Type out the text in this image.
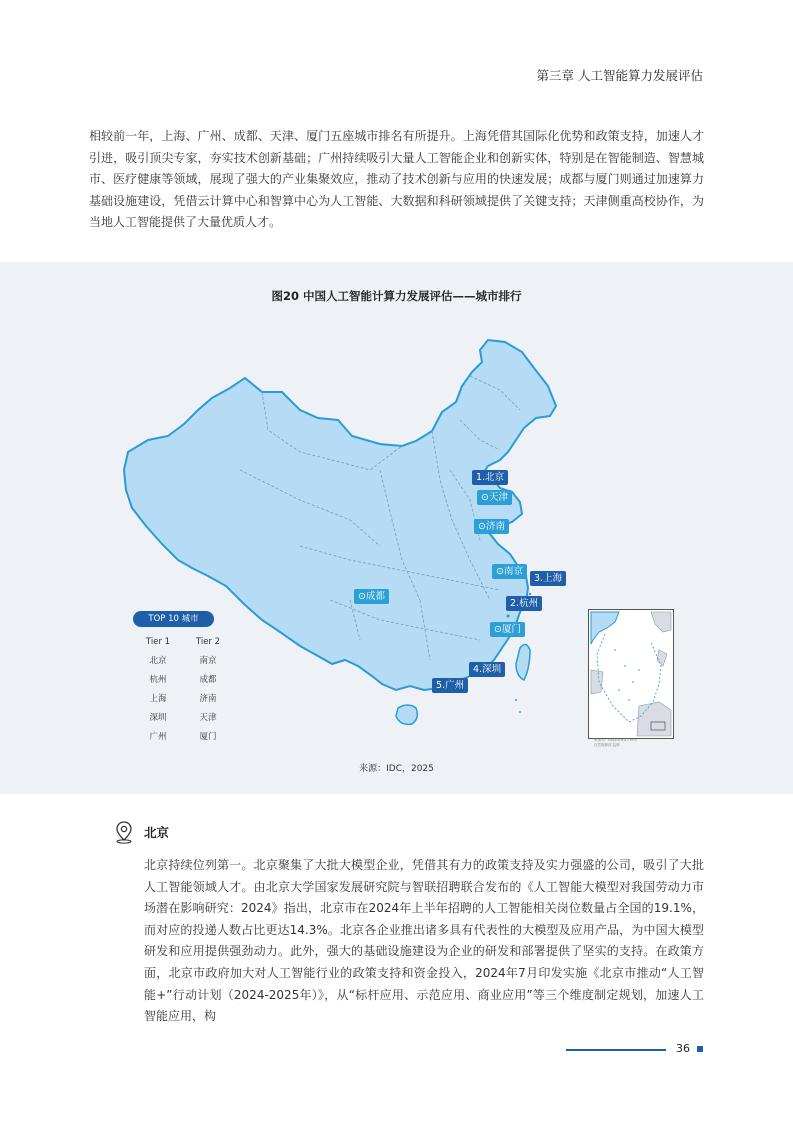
第三章 人工智能算力发展评估

相较前一年，上海、广州、成都、天津、厦门五座城市排名有所提升。上海凭借其国际化优势和政策支持，加速人才引进，吸引顶尖专家，夯实技术创新基础；广州持续吸引大量人工智能企业和创新实体，特别是在智能制造、智慧城市、医疗健康等领域，展现了强大的产业集聚效应，推动了技术创新与应用的快速发展；成都与厦门则通过加速算力基础设施建设，凭借云计算中心和智算中心为人工智能、大数据和科研领域提供了关键支持；天津侧重高校协作，为当地人工智能提供了大量优质人才。

图20 中国人工智能计算力发展评估——城市排行
1.北京
⊙天津
⊙济南
⊙南京
3.上海
2.杭州
⊙成都
⊙厦门
4.深圳
5.广州
TOP 10 城市
Tier 1	Tier 2
北京	南京
杭州	成都
上海	济南
深圳	天津
广州	厦门	审图号：GS(2019)1719号
自然资源部 监制
来源：IDC，2025
北京

北京持续位列第一。北京聚集了大批大模型企业，凭借其有力的政策支持及实力强盛的公司，吸引了大批人工智能领域人才。由北京大学国家发展研究院与智联招聘联合发布的《人工智能大模型对我国劳动力市场潜在影响研究：2024》指出，北京市在2024年上半年招聘的人工智能相关岗位数量占全国的19.1%，而对应的投递人数占比更达14.3%。北京各企业推出诸多具有代表性的大模型及应用产品，为中国大模型研发和应用提供强劲动力。此外，强大的基础设施建设为企业的研发和部署提供了坚实的支持。在政策方面，北京市政府加大对人工智能行业的政策支持和资金投入，2024年7月印发实施《北京市推动“人工智能+”行动计划（2024-2025年）》，从“标杆应用、示范应用、商业应用”等三个维度制定规划，加速人工智能应用，构

36
